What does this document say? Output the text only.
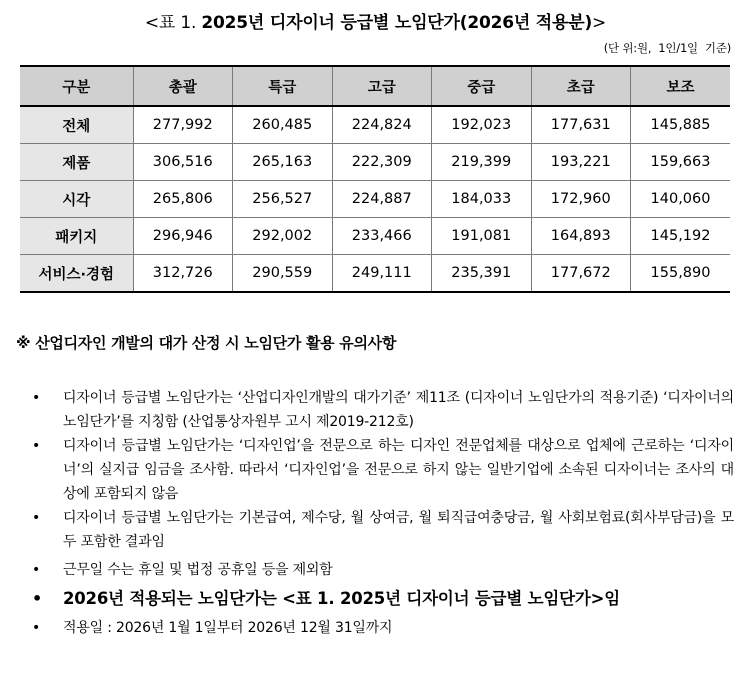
<표 1. 2025년 디자이너 등급별 노임단가(2026년 적용분)>
(단 위:원,  1인/1일  기준)
구분	총괄	특급	고급	중급	초급	보조
전체	277,992	260,485	224,824	192,023	177,631	145,885
제품	306,516	265,163	222,309	219,399	193,221	159,663
시각	265,806	256,527	224,887	184,033	172,960	140,060
패키지	296,946	292,002	233,466	191,081	164,893	145,192
서비스·경험	312,726	290,559	249,111	235,391	177,672	155,890
※ 산업디자인 개발의 대가 산정 시 노임단가 활용 유의사항
• 디자이너 등급별 노임단가는 ‘산업디자인개발의 대가기준’ 제11조 (디자이너 노임단가의 적용기준) ‘디자이너의 노임단가’를 지칭함 (산업통상자원부 고시 제2019-212호)
• 디자이너 등급별 노임단가는 ‘디자인업’을 전문으로 하는 디자인 전문업체를 대상으로 업체에 근로하는 ‘디자이너’의 실지급 임금을 조사함. 따라서 ‘디자인업’을 전문으로 하지 않는 일반기업에 소속된 디자이너는 조사의 대상에 포함되지 않음
• 디자이너 등급별 노임단가는 기본급여, 제수당, 월 상여금, 월 퇴직급여충당금, 월 사회보험료(회사부담금)을 모두 포함한 결과임
• 근무일 수는 휴일 및 법정 공휴일 등을 제외함
• 2026년 적용되는 노임단가는 <표 1. 2025년 디자이너 등급별 노임단가>임
• 적용일 : 2026년 1월 1일부터 2026년 12월 31일까지
